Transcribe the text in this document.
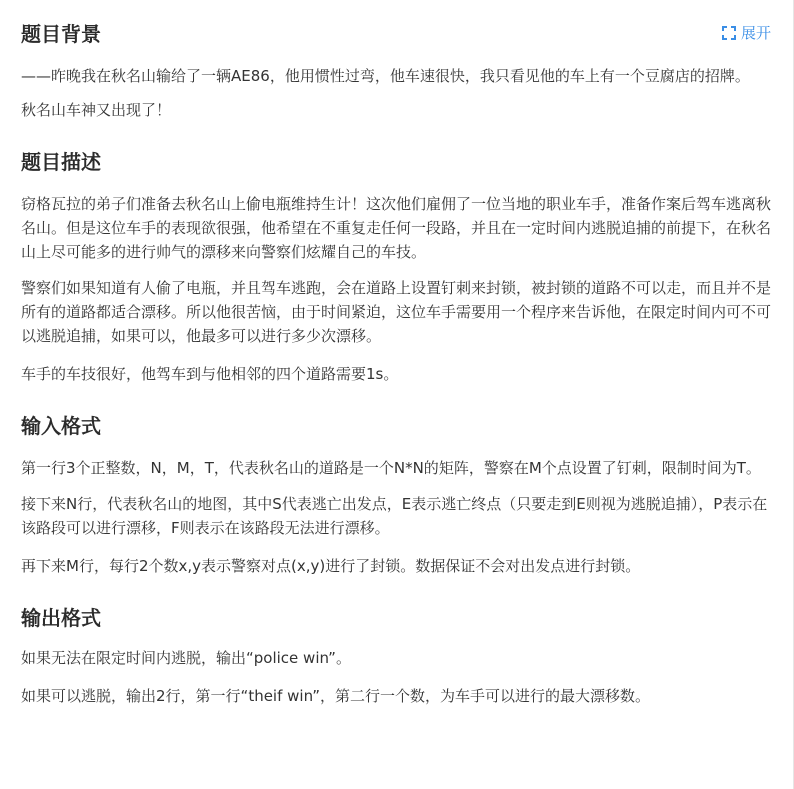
展开
题目背景

——昨晚我在秋名山输给了一辆AE86，他用惯性过弯，他车速很快，我只看见他的车上有一个豆腐店的招牌。

秋名山车神又出现了！

题目描述

窃格瓦拉的弟子们准备去秋名山上偷电瓶维持生计！这次他们雇佣了一位当地的职业车手，准备作案后驾车逃离秋名山。但是这位车手的表现欲很强，他希望在不重复走任何一段路，并且在一定时间内逃脱追捕的前提下，在秋名山上尽可能多的进行帅气的漂移来向警察们炫耀自己的车技。

警察们如果知道有人偷了电瓶，并且驾车逃跑，会在道路上设置钉刺来封锁，被封锁的道路不可以走，而且并不是所有的道路都适合漂移。所以他很苦恼，由于时间紧迫，这位车手需要用一个程序来告诉他，在限定时间内可不可以逃脱追捕，如果可以，他最多可以进行多少次漂移。

车手的车技很好，他驾车到与他相邻的四个道路需要1s。

输入格式

第一行3个正整数，N，M，T，代表秋名山的道路是一个N*N的矩阵，警察在M个点设置了钉刺，限制时间为T。

接下来N行，代表秋名山的地图，其中S代表逃亡出发点，E表示逃亡终点（只要走到E则视为逃脱追捕），P表示在该路段可以进行漂移，F则表示在该路段无法进行漂移。

再下来M行，每行2个数x,y表示警察对点(x,y)进行了封锁。数据保证不会对出发点进行封锁。

输出格式

如果无法在限定时间内逃脱，输出“police win”。

如果可以逃脱，输出2行，第一行“theif win”，第二行一个数，为车手可以进行的最大漂移数。
